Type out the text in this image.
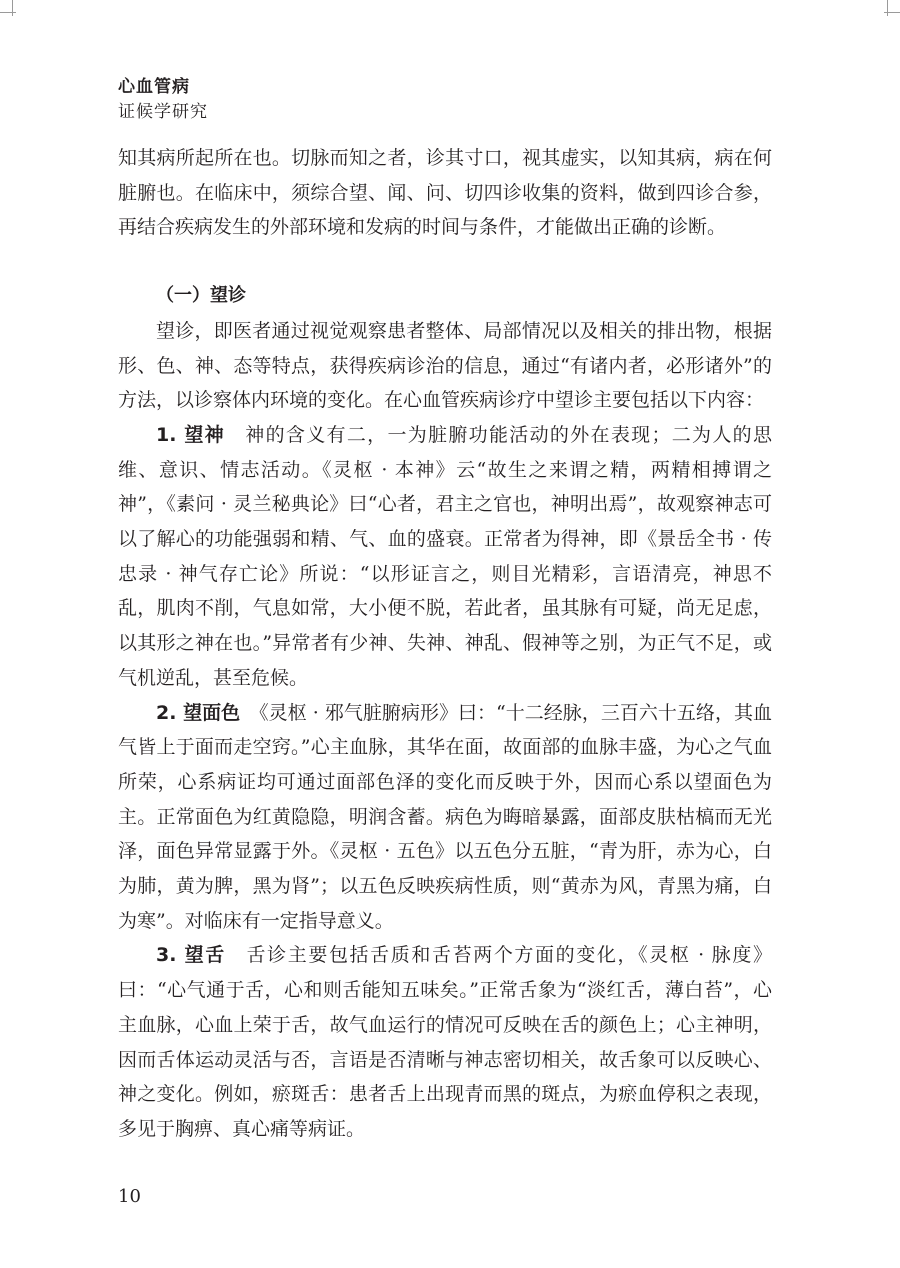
心血管病
证候学研究

知其病所起所在也。切脉而知之者，诊其寸口，视其虚实，以知其病，病在何脏腑也。在临床中，须综合望、闻、问、切四诊收集的资料，做到四诊合参，再结合疾病发生的外部环境和发病的时间与条件，才能做出正确的诊断。

（一）望诊

望诊，即医者通过视觉观察患者整体、局部情况以及相关的排出物，根据形、色、神、态等特点，获得疾病诊治的信息，通过“有诸内者，必形诸外”的方法，以诊察体内环境的变化。在心血管疾病诊疗中望诊主要包括以下内容：

1. 望神　神的含义有二，一为脏腑功能活动的外在表现；二为人的思维、意识、情志活动。《灵枢 · 本神》云“故生之来谓之精，两精相搏谓之神”，《素问 · 灵兰秘典论》曰“心者，君主之官也，神明出焉”，故观察神志可以了解心的功能强弱和精、气、血的盛衰。正常者为得神，即《景岳全书 · 传忠录 · 神气存亡论》所说：“以形证言之，则目光精彩，言语清亮，神思不乱，肌肉不削，气息如常，大小便不脱，若此者，虽其脉有可疑，尚无足虑，以其形之神在也。”异常者有少神、失神、神乱、假神等之别，为正气不足，或气机逆乱，甚至危候。

2. 望面色　《灵枢 · 邪气脏腑病形》曰：“十二经脉，三百六十五络，其血气皆上于面而走空窍。”心主血脉，其华在面，故面部的血脉丰盛，为心之气血所荣，心系病证均可通过面部色泽的变化而反映于外，因而心系以望面色为主。正常面色为红黄隐隐，明润含蓄。病色为晦暗暴露，面部皮肤枯槁而无光泽，面色异常显露于外。《灵枢 · 五色》以五色分五脏，“青为肝，赤为心，白为肺，黄为脾，黑为肾”；以五色反映疾病性质，则“黄赤为风，青黑为痛，白为寒”。对临床有一定指导意义。

3. 望舌　舌诊主要包括舌质和舌苔两个方面的变化，《灵枢 · 脉度》曰：“心气通于舌，心和则舌能知五味矣。”正常舌象为“淡红舌，薄白苔”，心主血脉，心血上荣于舌，故气血运行的情况可反映在舌的颜色上；心主神明，因而舌体运动灵活与否，言语是否清晰与神志密切相关，故舌象可以反映心、神之变化。例如，瘀斑舌：患者舌上出现青而黑的斑点，为瘀血停积之表现，多见于胸痹、真心痛等病证。

10
